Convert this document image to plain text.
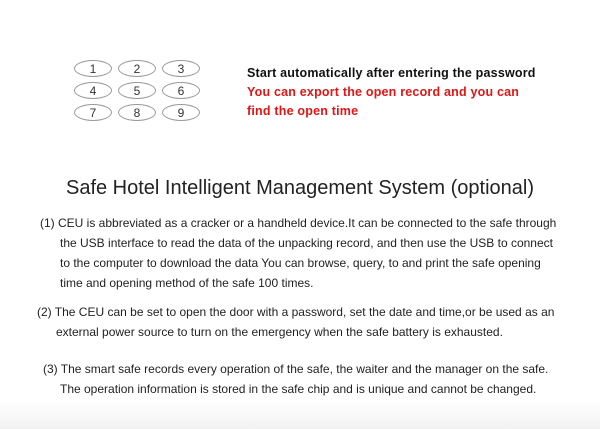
1	2	3
4	5	6
7	8	9
Start automatically after entering the password
You can export the open record and you can
find the open time
Safe Hotel Intelligent Management System (optional)
(1) CEU is abbreviated as a cracker or a handheld device.It can be connected to the safe through
the USB interface to read the data of the unpacking record, and then use the USB to connect
to the computer to download the data You can browse, query, to and print the safe opening
time and opening method of the safe 100 times.
(2) The CEU can be set to open the door with a password, set the date and time,or be used as an
external power source to turn on the emergency when the safe battery is exhausted.
(3) The smart safe records every operation of the safe, the waiter and the manager on the safe.
The operation information is stored in the safe chip and is unique and cannot be changed.
